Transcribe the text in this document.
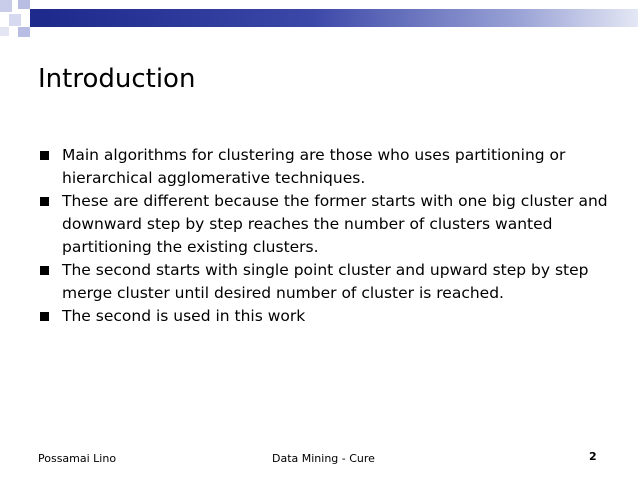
Introduction
Main algorithms for clustering are those who uses partitioning or hierarchical agglomerative techniques.
These are different because the former starts with one big cluster and downward step by step reaches the number of clusters wanted partitioning the existing clusters.
The second starts with single point cluster and upward step by step merge cluster until desired number of cluster is reached.
The second is used in this work
Possamai Lino	Data Mining - Cure	2
